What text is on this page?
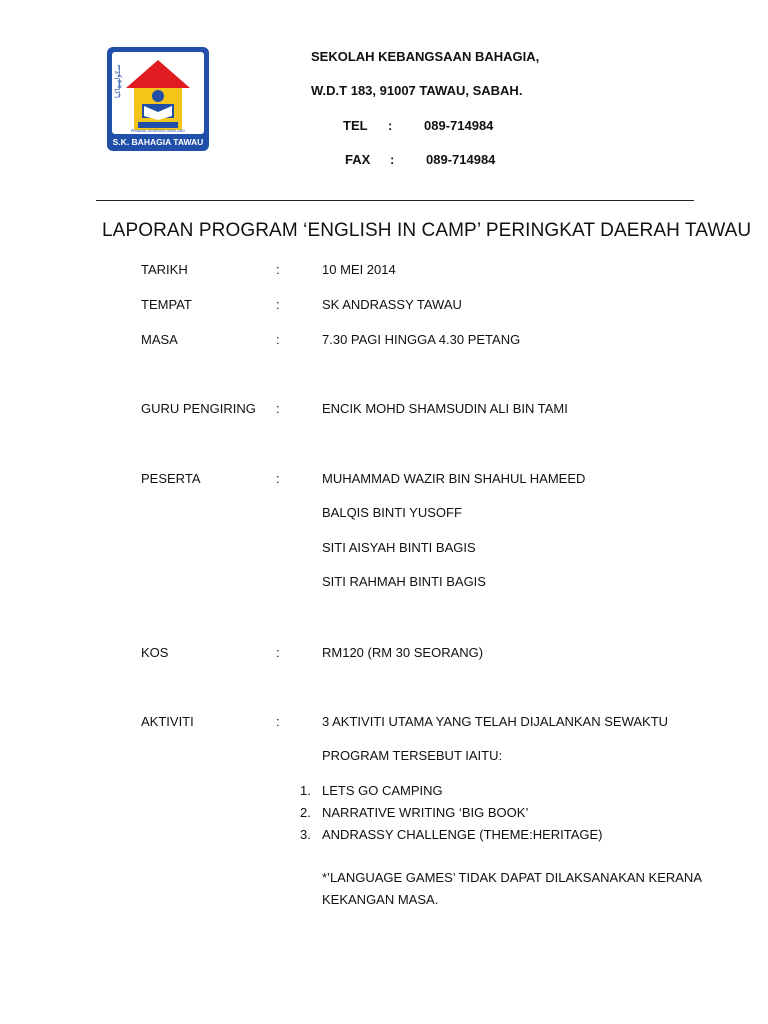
سكولهبهاڬيا
PENJANA GENERASI GEMILANG
S.K. BAHAGIA TAWAU
SEKOLAH KEBANGSAAN BAHAGIA,
W.D.T 183, 91007 TAWAU, SABAH.
TEL : 089-714984
FAX : 089-714984
LAPORAN PROGRAM ‘ENGLISH IN CAMP’ PERINGKAT DAERAH TAWAU
TARIKH	:	10 MEI 2014
TEMPAT	:	SK ANDRASSY TAWAU
MASA	:	7.30 PAGI HINGGA 4.30 PETANG
GURU PENGIRING :	ENCIK MOHD SHAMSUDIN ALI BIN TAMI
PESERTA	:	MUHAMMAD WAZIR BIN SHAHUL HAMEED
BALQIS BINTI YUSOFF
SITI AISYAH BINTI BAGIS
SITI RAHMAH BINTI BAGIS
KOS	:	RM120 (RM 30 SEORANG)
AKTIVITI	:	3 AKTIVITI UTAMA YANG TELAH DIJALANKAN SEWAKTU
PROGRAM TERSEBUT IAITU:
1. LETS GO CAMPING
2. NARRATIVE WRITING ‘BIG BOOK’
3. ANDRASSY CHALLENGE (THEME:HERITAGE)
*’LANGUAGE GAMES’ TIDAK DAPAT DILAKSANAKAN KERANA
KEKANGAN MASA.
